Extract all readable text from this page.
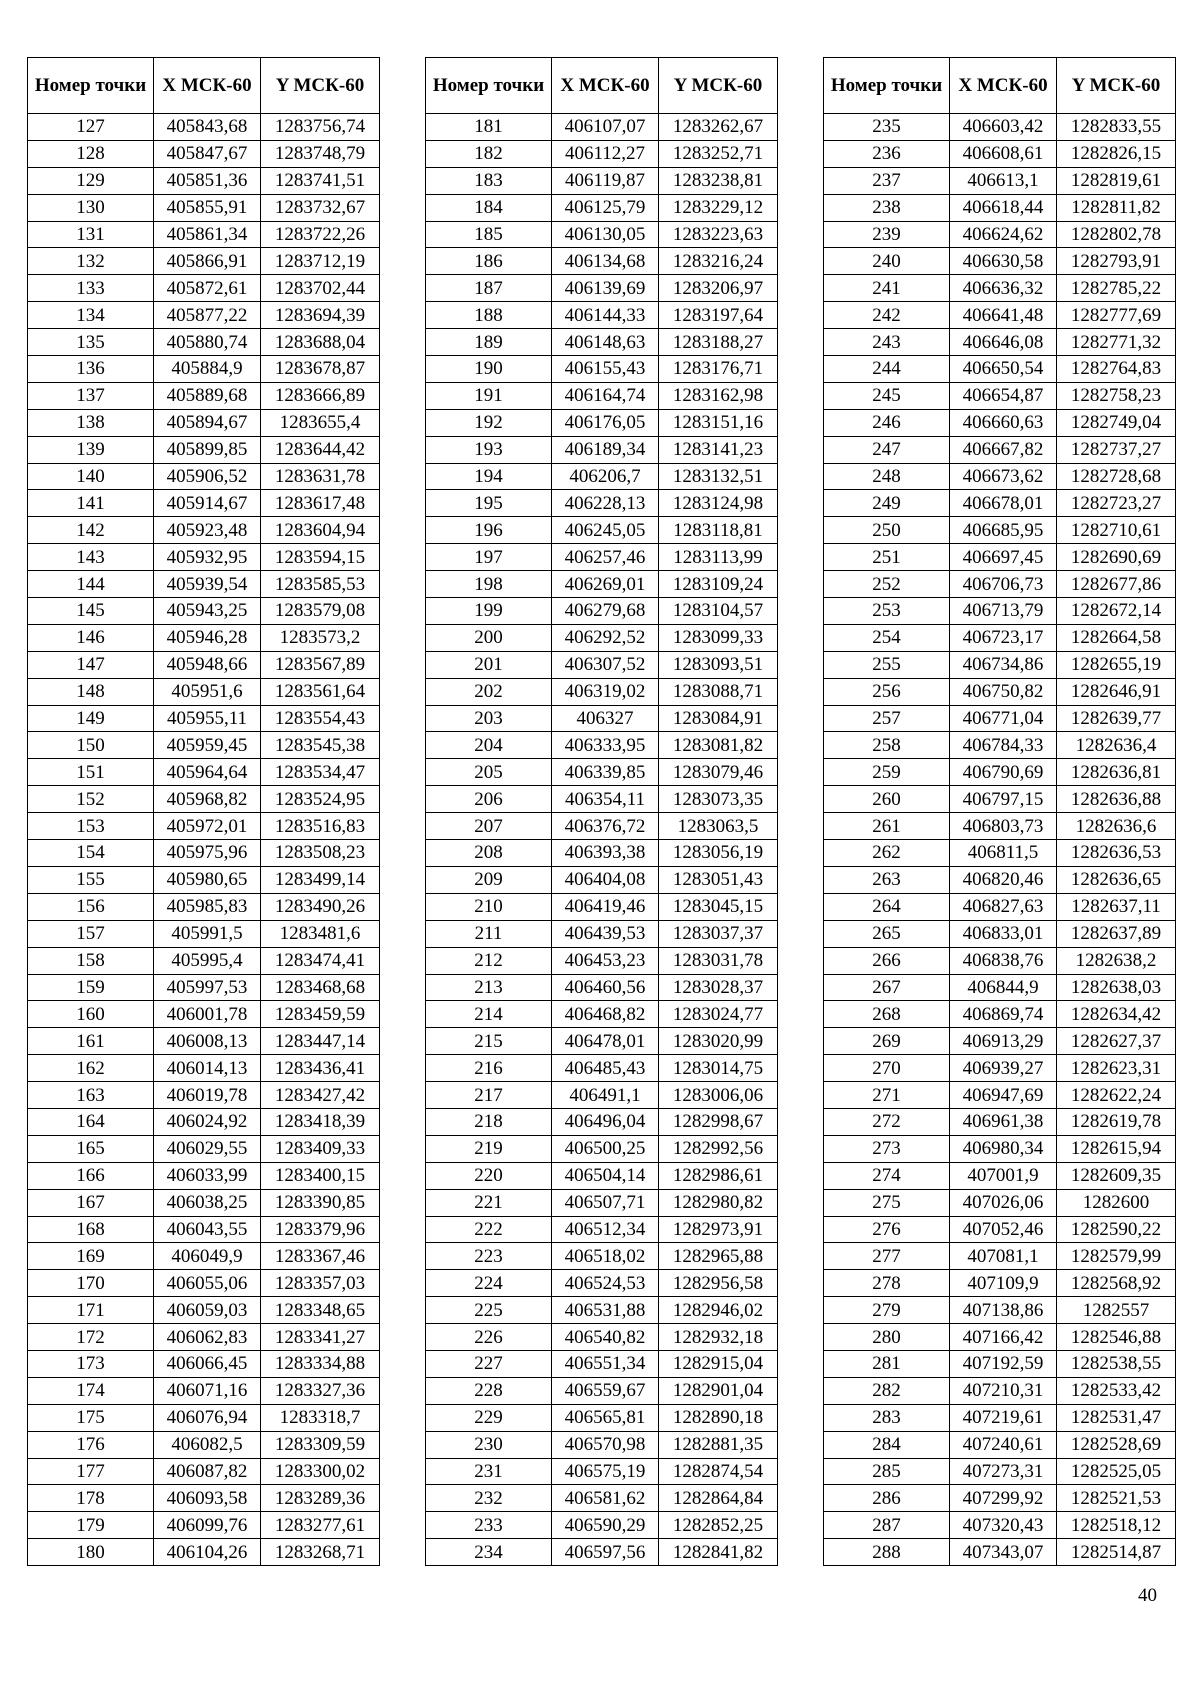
Номер точки	X МСК-60	Y МСК-60
127	405843,68	1283756,74
128	405847,67	1283748,79
129	405851,36	1283741,51
130	405855,91	1283732,67
131	405861,34	1283722,26
132	405866,91	1283712,19
133	405872,61	1283702,44
134	405877,22	1283694,39
135	405880,74	1283688,04
136	405884,9	1283678,87
137	405889,68	1283666,89
138	405894,67	1283655,4
139	405899,85	1283644,42
140	405906,52	1283631,78
141	405914,67	1283617,48
142	405923,48	1283604,94
143	405932,95	1283594,15
144	405939,54	1283585,53
145	405943,25	1283579,08
146	405946,28	1283573,2
147	405948,66	1283567,89
148	405951,6	1283561,64
149	405955,11	1283554,43
150	405959,45	1283545,38
151	405964,64	1283534,47
152	405968,82	1283524,95
153	405972,01	1283516,83
154	405975,96	1283508,23
155	405980,65	1283499,14
156	405985,83	1283490,26
157	405991,5	1283481,6
158	405995,4	1283474,41
159	405997,53	1283468,68
160	406001,78	1283459,59
161	406008,13	1283447,14
162	406014,13	1283436,41
163	406019,78	1283427,42
164	406024,92	1283418,39
165	406029,55	1283409,33
166	406033,99	1283400,15
167	406038,25	1283390,85
168	406043,55	1283379,96
169	406049,9	1283367,46
170	406055,06	1283357,03
171	406059,03	1283348,65
172	406062,83	1283341,27
173	406066,45	1283334,88
174	406071,16	1283327,36
175	406076,94	1283318,7
176	406082,5	1283309,59
177	406087,82	1283300,02
178	406093,58	1283289,36
179	406099,76	1283277,61
180	406104,26	1283268,71
Номер точки	X МСК-60	Y МСК-60
181	406107,07	1283262,67
182	406112,27	1283252,71
183	406119,87	1283238,81
184	406125,79	1283229,12
185	406130,05	1283223,63
186	406134,68	1283216,24
187	406139,69	1283206,97
188	406144,33	1283197,64
189	406148,63	1283188,27
190	406155,43	1283176,71
191	406164,74	1283162,98
192	406176,05	1283151,16
193	406189,34	1283141,23
194	406206,7	1283132,51
195	406228,13	1283124,98
196	406245,05	1283118,81
197	406257,46	1283113,99
198	406269,01	1283109,24
199	406279,68	1283104,57
200	406292,52	1283099,33
201	406307,52	1283093,51
202	406319,02	1283088,71
203	406327	1283084,91
204	406333,95	1283081,82
205	406339,85	1283079,46
206	406354,11	1283073,35
207	406376,72	1283063,5
208	406393,38	1283056,19
209	406404,08	1283051,43
210	406419,46	1283045,15
211	406439,53	1283037,37
212	406453,23	1283031,78
213	406460,56	1283028,37
214	406468,82	1283024,77
215	406478,01	1283020,99
216	406485,43	1283014,75
217	406491,1	1283006,06
218	406496,04	1282998,67
219	406500,25	1282992,56
220	406504,14	1282986,61
221	406507,71	1282980,82
222	406512,34	1282973,91
223	406518,02	1282965,88
224	406524,53	1282956,58
225	406531,88	1282946,02
226	406540,82	1282932,18
227	406551,34	1282915,04
228	406559,67	1282901,04
229	406565,81	1282890,18
230	406570,98	1282881,35
231	406575,19	1282874,54
232	406581,62	1282864,84
233	406590,29	1282852,25
234	406597,56	1282841,82
Номер точки	X МСК-60	Y МСК-60
235	406603,42	1282833,55
236	406608,61	1282826,15
237	406613,1	1282819,61
238	406618,44	1282811,82
239	406624,62	1282802,78
240	406630,58	1282793,91
241	406636,32	1282785,22
242	406641,48	1282777,69
243	406646,08	1282771,32
244	406650,54	1282764,83
245	406654,87	1282758,23
246	406660,63	1282749,04
247	406667,82	1282737,27
248	406673,62	1282728,68
249	406678,01	1282723,27
250	406685,95	1282710,61
251	406697,45	1282690,69
252	406706,73	1282677,86
253	406713,79	1282672,14
254	406723,17	1282664,58
255	406734,86	1282655,19
256	406750,82	1282646,91
257	406771,04	1282639,77
258	406784,33	1282636,4
259	406790,69	1282636,81
260	406797,15	1282636,88
261	406803,73	1282636,6
262	406811,5	1282636,53
263	406820,46	1282636,65
264	406827,63	1282637,11
265	406833,01	1282637,89
266	406838,76	1282638,2
267	406844,9	1282638,03
268	406869,74	1282634,42
269	406913,29	1282627,37
270	406939,27	1282623,31
271	406947,69	1282622,24
272	406961,38	1282619,78
273	406980,34	1282615,94
274	407001,9	1282609,35
275	407026,06	1282600
276	407052,46	1282590,22
277	407081,1	1282579,99
278	407109,9	1282568,92
279	407138,86	1282557
280	407166,42	1282546,88
281	407192,59	1282538,55
282	407210,31	1282533,42
283	407219,61	1282531,47
284	407240,61	1282528,69
285	407273,31	1282525,05
286	407299,92	1282521,53
287	407320,43	1282518,12
288	407343,07	1282514,87
40
